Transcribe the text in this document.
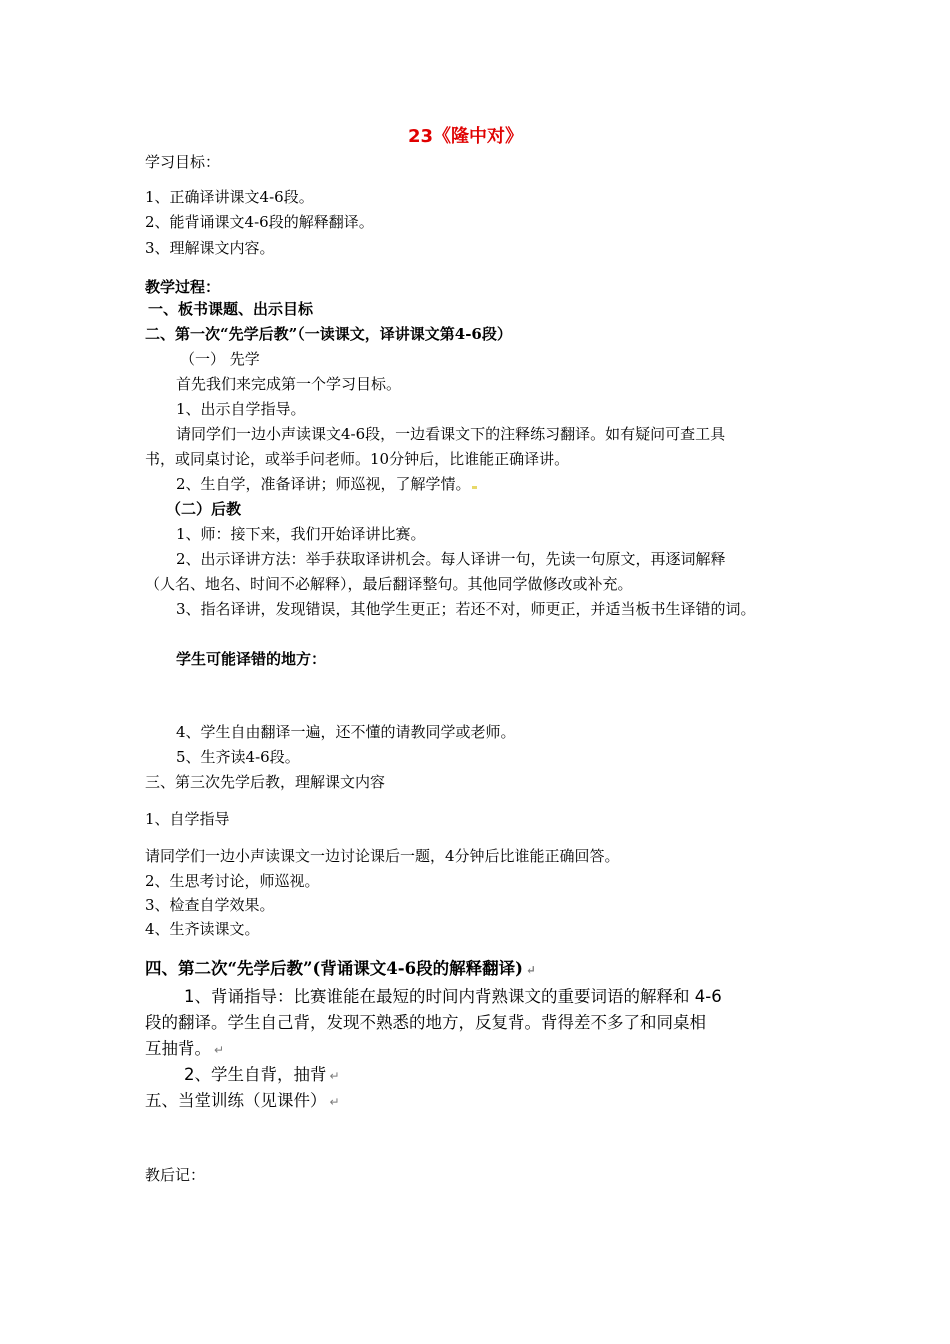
23《隆中对》
学习目标：
1、正确译讲课文4-6段。
2、能背诵课文4-6段的解释翻译。
3、理解课文内容。
教学过程：
一、板书课题、出示目标
二、第一次“先学后教”（一读课文，译讲课文第4-6段）
（一） 先学
首先我们来完成第一个学习目标。
1、出示自学指导。
请同学们一边小声读课文4-6段，一边看课文下的注释练习翻译。如有疑问可查工具
书，或同桌讨论，或举手问老师。10分钟后，比谁能正确译讲。
2、生自学，准备译讲；师巡视，了解学情。
（二）后教
1、师：接下来，我们开始译讲比赛。
2、出示译讲方法：举手获取译讲机会。每人译讲一句，先读一句原文，再逐词解释
（人名、地名、时间不必解释），最后翻译整句。其他同学做修改或补充。
3、指名译讲，发现错误，其他学生更正；若还不对，师更正，并适当板书生译错的词。
学生可能译错的地方：
4、学生自由翻译一遍，还不懂的请教同学或老师。
5、生齐读4-6段。
三、第三次先学后教，理解课文内容
1、自学指导
请同学们一边小声读课文一边讨论课后一题，4分钟后比谁能正确回答。
2、生思考讨论，师巡视。
3、检查自学效果。
4、生齐读课文。
四、第二次“先学后教”(背诵课文4-6段的解释翻译) ↵
1、背诵指导：比赛谁能在最短的时间内背熟课文的重要词语的解释和 4-6
段的翻译。学生自己背，发现不熟悉的地方，反复背。背得差不多了和同桌相
互抽背。 ↵
2、学生自背，抽背 ↵
五、当堂训练（见课件） ↵
教后记：
